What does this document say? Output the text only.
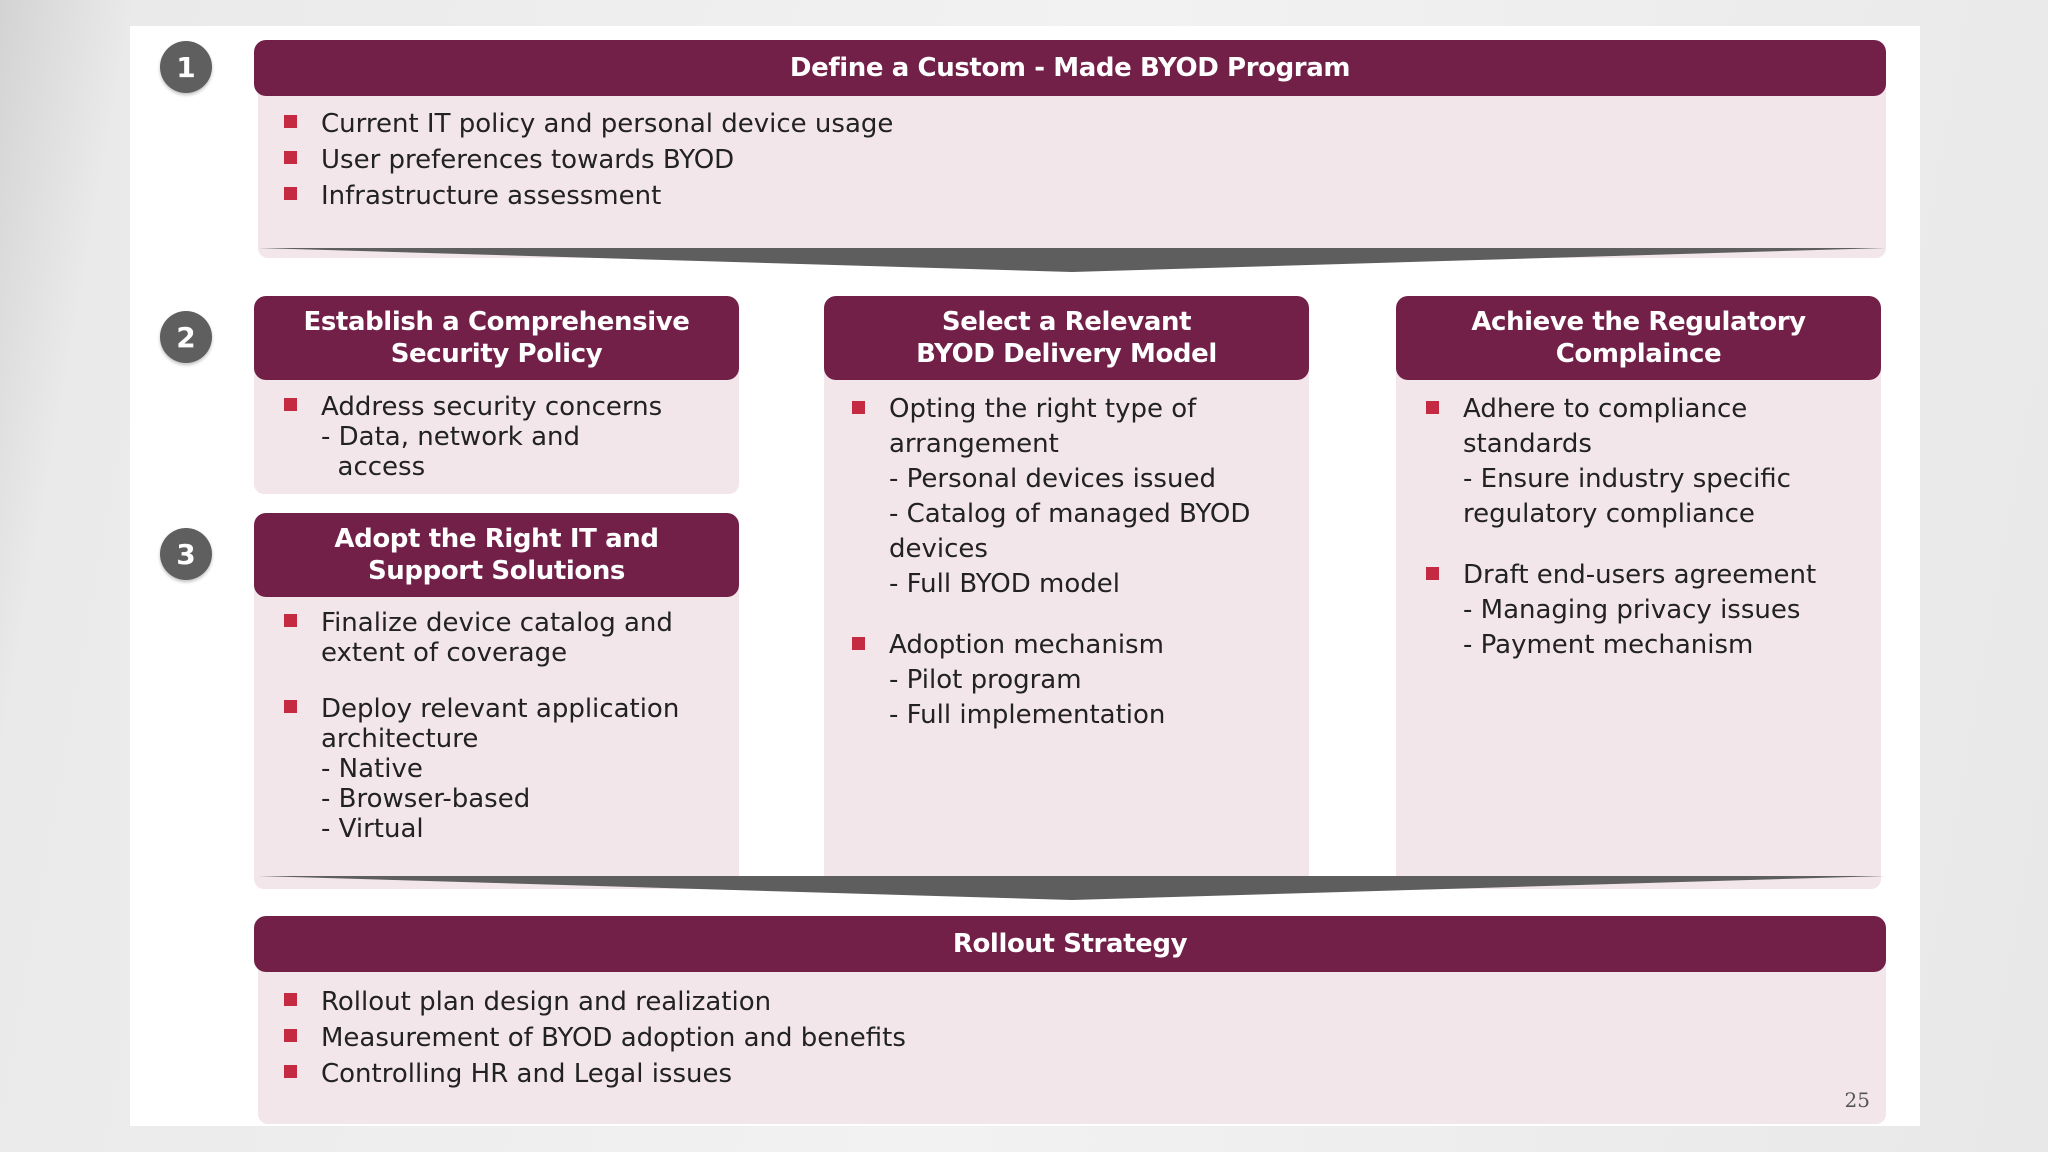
1
2
3
Define a Custom - Made BYOD Program
Current IT policy and personal device usage
User preferences towards BYOD
Infrastructure assessment
Establish a Comprehensive
Security Policy
Address security concerns
- Data, network and
access
Adopt the Right IT and
Support Solutions
Finalize device catalog and extent of coverage
Deploy relevant application architecture
- Native
- Browser-based
- Virtual
Select a Relevant
BYOD Delivery Model
Opting the right type of arrangement
- Personal devices issued
- Catalog of managed BYOD devices
- Full BYOD model
Adoption mechanism
- Pilot program
- Full implementation
Achieve the Regulatory
Complaince
Adhere to compliance standards
- Ensure industry specific regulatory compliance
Draft end-users agreement
- Managing privacy issues
- Payment mechanism
Rollout Strategy
Rollout plan design and realization
Measurement of BYOD adoption and benefits
Controlling HR and Legal issues
25
